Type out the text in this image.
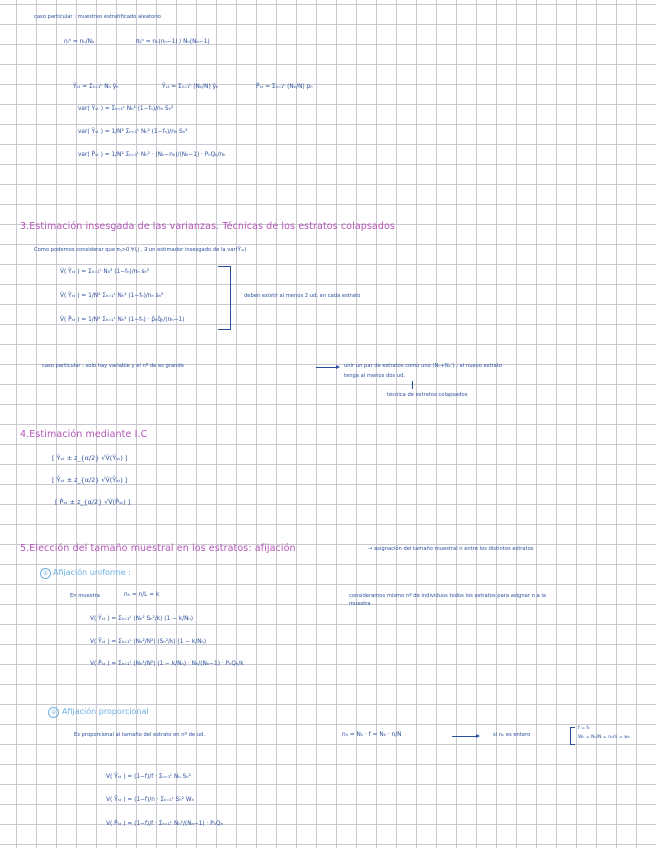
caso particular : muestreo estratificado aleatorio
nᵢʰ = nₕ/Nₕ	πᵢⱼʰ = nₕ(nₕ−1) / Nₕ(Nₕ−1)
Ŷₛₜ = Σₕ₌₁ᴸ Nₕ ȳₕ	Ŷₛₜ = Σₕ₌₁ᴸ (Nₕ/N) ȳₕ	P̂ₛₜ = Σₕ₌₁ᴸ (Nₕ/N) pₕ
var( Ŷₛₜ ) = Σₕ₌₁ᴸ Nₕ² (1−fₕ)/nₕ Sₕ²
var( Ŷₛₜ ) = 1/N² Σₕ₌₁ᴸ Nₕ² (1−fₕ)/nₕ Sₕ²
var( P̂ₛₜ ) = 1/N² Σₕ₌₁ᴸ Nₕ² · (Nₕ−nₕ)/(Nₕ−1) · PₕQₕ/nₕ
3.Estimación insesgada de las varianzas. Técnicas de los estratos colapsados
Como podemos considerar que πᵢⱼ>0 ∀i,j , ∃ un estimador insesgado de la var(Ŷₛₜ)
V̂( Ŷₛₜ ) = Σₕ₌₁ᴸ Nₕ² (1−fₕ)/nₕ sₕ²
V̂( Ŷₛₜ ) = 1/N² Σₕ₌₁ᴸ Nₕ² (1−fₕ)/nₕ sₕ²
V̂( P̂ₛₜ ) = 1/N² Σₕ₌₁ᴸ Nₕ² (1−fₕ) · p̂ₕq̂ₕ/(nₕ−1)
deben existir al menos 2 ud. en cada estrato
caso particular : solo hay variable y el nº de es grande	unir un par de estratos como uno (Nₕ+Nₖ’) ; el nuevo estrato
tenga al menos dos ud.
técnica de estratos colapsados
4.Estimación mediante I.C
[ Ŷₛₜ ± z_{α/2} √V̂(Ŷₛₜ) ]
[ Ȳₛₜ ± z_{α/2} √V̂(Ȳₛₜ) ]
[ P̂ₛₜ ± z_{α/2} √V̂(P̂ₛₜ) ]
5.Elección del tamaño muestral en los estratos: afijación	→ asignación del tamaño muestral n entre los distintos estratos
① Afijación uniforme :
En muestra	nₕ = n/L = k	consideramos mismo nº de individuos todos los estratos para asignar n a la
muestra
V( Ŷₛₜ ) = Σₕ₌₁ᴸ (Nₕ² Sₕ²/k) (1 − k/Nₕ)
V( Ȳₛₜ ) = Σₕ₌₁ᴸ (Nₕ²/N²) (Sₕ²/k) (1 − k/Nₕ)
V( P̂ₛₜ ) = Σₕ₌₁ᴸ (Nₕ²/N²) (1 − k/Nₕ) · Nₕ/(Nₕ−1) · PₕQₕ/k
② Afijación proporcional
Es proporcional al tamaño del estrato en nº de ud.	nₕ = Nₕ · f = Nₕ · n/N	si nₕ es entero
f = fₕ
Wₕ = Nₕ/N = nₕ/n = wₕ
V( Ŷₛₜ ) = (1−f)/f · Σₕ₌₁ᴸ Nₕ Sₕ²
V( Ȳₛₜ ) = (1−f)/n · Σₕ₌₁ᴸ Sₕ² Wₕ
V( P̂ₛₜ ) = (1−f)/f · Σₕ₌₁ᴸ Nₕ²/(Nₕ−1) · PₕQₕ
